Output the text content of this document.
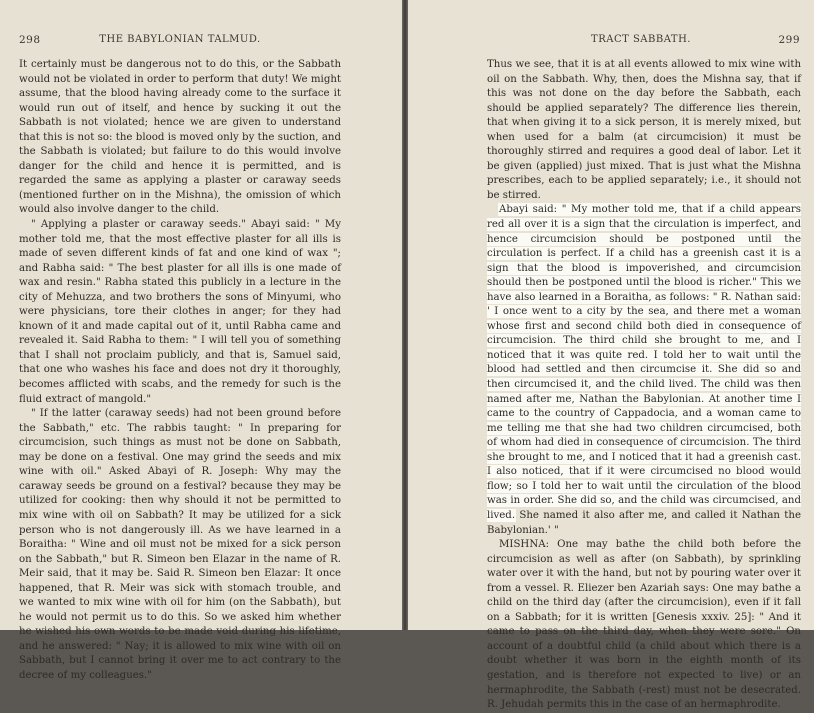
298	THE BABYLONIAN TALMUD.

It certainly must be dangerous not to do this, or the Sabbath would not be violated in order to perform that duty! We might assume, that the blood having already come to the surface it would run out of itself, and hence by sucking it out the Sabbath is not violated; hence we are given to understand that this is not so: the blood is moved only by the suction, and the Sabbath is violated; but failure to do this would involve danger for the child and hence it is permitted, and is regarded the same as applying a plaster or caraway seeds (mentioned further on in the Mishna), the omission of which would also involve danger to the child.

" Applying a plaster or caraway seeds." Abayi said: " My mother told me, that the most effective plaster for all ills is made of seven different kinds of fat and one kind of wax "; and Rabha said: " The best plaster for all ills is one made of wax and resin." Rabha stated this publicly in a lecture in the city of Mehuzza, and two brothers the sons of Minyumi, who were physicians, tore their clothes in anger; for they had known of it and made capital out of it, until Rabha came and revealed it. Said Rabha to them: " I will tell you of something that I shall not proclaim publicly, and that is, Samuel said, that one who washes his face and does not dry it thoroughly, becomes afflicted with scabs, and the remedy for such is the fluid extract of mangold."

" If the latter (caraway seeds) had not been ground before the Sabbath," etc. The rabbis taught: " In preparing for circumcision, such things as must not be done on Sabbath, may be done on a festival. One may grind the seeds and mix wine with oil." Asked Abayi of R. Joseph: Why may the caraway seeds be ground on a festival? because they may be utilized for cooking: then why should it not be permitted to mix wine with oil on Sabbath? It may be utilized for a sick person who is not dangerously ill. As we have learned in a Boraitha: " Wine and oil must not be mixed for a sick person on the Sabbath," but R. Simeon ben Elazar in the name of R. Meir said, that it may be. Said R. Simeon ben Elazar: It once happened, that R. Meir was sick with stomach trouble, and we wanted to mix wine with oil for him (on the Sabbath), but he would not permit us to do this. So we asked him whether he wished his own words to be made void during his lifetime, and he answered: " Nay; it is allowed to mix wine with oil on Sabbath, but I cannot bring it over me to act contrary to the decree of my colleagues."

TRACT SABBATH.	299

Thus we see, that it is at all events allowed to mix wine with oil on the Sabbath. Why, then, does the Mishna say, that if this was not done on the day before the Sabbath, each should be applied separately? The difference lies therein, that when giving it to a sick person, it is merely mixed, but when used for a balm (at circumcision) it must be thoroughly stirred and requires a good deal of labor. Let it be given (applied) just mixed. That is just what the Mishna prescribes, each to be applied separately; i.e., it should not be stirred.

Abayi said: " My mother told me, that if a child appears red all over it is a sign that the circulation is imperfect, and hence circumcision should be postponed until the circulation is perfect. If a child has a greenish cast it is a sign that the blood is impoverished, and circumcision should then be postponed until the blood is richer." This we have also learned in a Boraitha, as follows: " R. Nathan said: ' I once went to a city by the sea, and there met a woman whose first and second child both died in consequence of circumcision. The third child she brought to me, and I noticed that it was quite red. I told her to wait until the blood had settled and then circumcise it. She did so and then circumcised it, and the child lived. The child was then named after me, Nathan the Babylonian. At another time I came to the country of Cappadocia, and a woman came to me telling me that she had two children circumcised, both of whom had died in consequence of circumcision. The third she brought to me, and I noticed that it had a greenish cast. I also noticed, that if it were circumcised no blood would flow; so I told her to wait until the circulation of the blood was in order. She did so, and the child was circumcised, and lived. She named it also after me, and called it Nathan the Babylonian.' "

MISHNA: One may bathe the child both before the circumcision as well as after (on Sabbath), by sprinkling water over it with the hand, but not by pouring water over it from a vessel. R. Eliezer ben Azariah says: One may bathe a child on the third day (after the circumcision), even if it fall on a Sabbath; for it is written [Genesis xxxiv. 25]: " And it came to pass on the third day, when they were sore." On account of a doubtful child (a child about which there is a doubt whether it was born in the eighth month of its gestation, and is therefore not expected to live) or an hermaphrodite, the Sabbath (-rest) must not be desecrated. R. Jehudah permits this in the case of an hermaphrodite.
